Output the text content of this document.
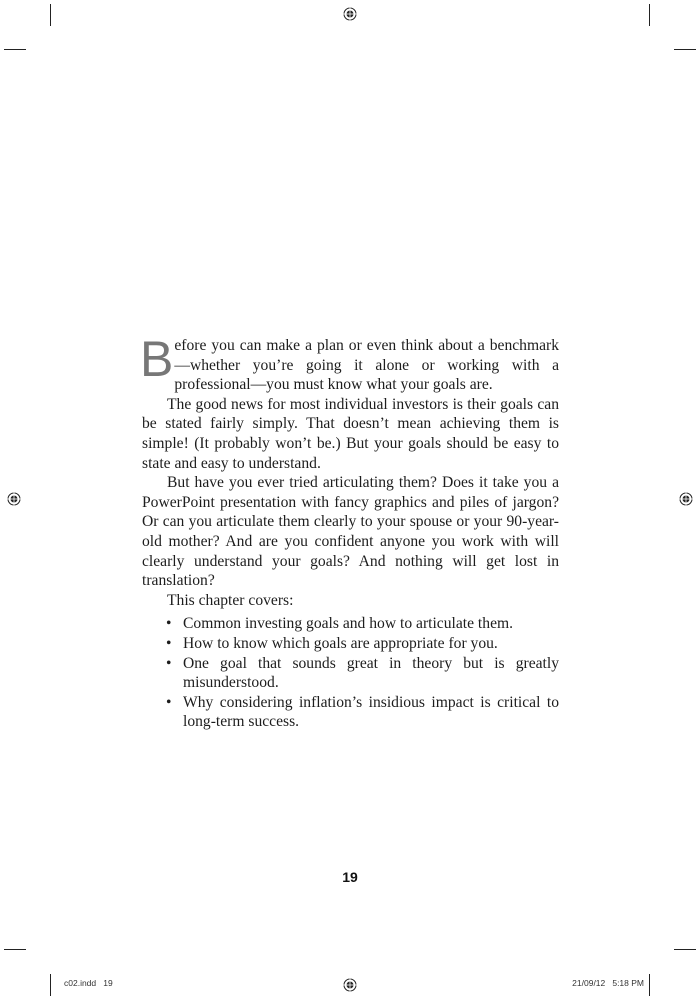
Before you can make a plan or even think about a benchmark—whether you’re going it alone or working with a professional—you must know what your goals are.

The good news for most individual investors is their goals can be stated fairly simply. That doesn’t mean achieving them is simple! (It probably won’t be.) But your goals should be easy to state and easy to understand.

But have you ever tried articulating them? Does it take you a PowerPoint presentation with fancy graphics and piles of jargon? Or can you articulate them clearly to your spouse or your 90-year-old mother? And are you confident anyone you work with will clearly understand your goals? And nothing will get lost in translation?

This chapter covers:

• Common investing goals and how to articulate them.
• How to know which goals are appropriate for you.
• One goal that sounds great in theory but is greatly misunderstood.
• Why considering inflation’s insidious impact is critical to long-term success.
19
c02.indd   19	21/09/12   5:18 PM
